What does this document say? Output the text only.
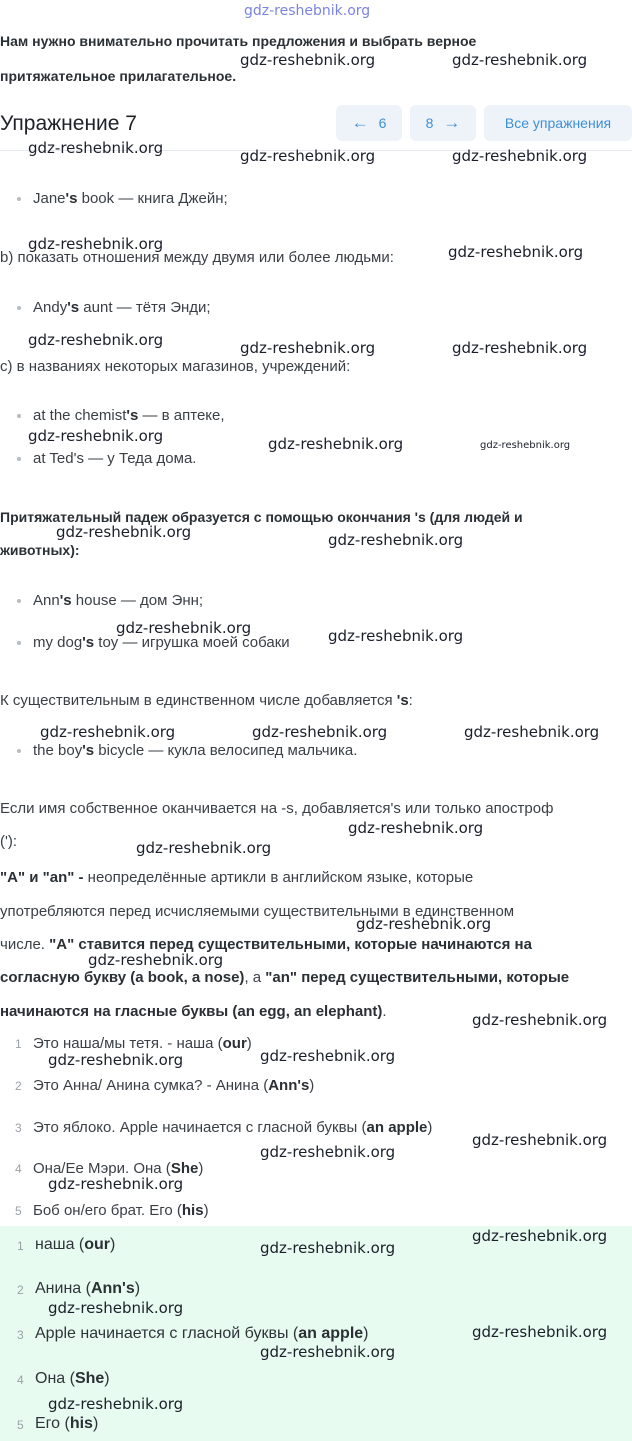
gdz-reshebnik.org
Нам нужно внимательно прочитать предложения и выбрать верное
притяжательное прилагательное.
Упражнение 7	← 6	8 →	Все упражнения
Jane's book — книга Джейн;
b) показать отношения между двумя или более людьми:
Andy's aunt — тётя Энди;
c) в названиях некоторых магазинов, учреждений:
at the chemist's — в аптеке,
at Ted's — у Теда дома.
Притяжательный падеж образуется с помощью окончания 's (для людей и
животных):
Ann's house — дом Энн;
my dog's toy — игрушка моей собаки
К существительным в единственном числе добавляется 's:
the boy's bicycle — кукла велосипед мальчика.
Если имя собственное оканчивается на -s, добавляется's или только апостроф
('):
"A" и "an" - неопределённые артикли в английском языке, которые
употребляются перед исчисляемыми существительными в единственном
числе. "A" ставится перед существительными, которые начинаются на
согласную букву (a book, a nose), а "an" перед существительными, которые
начинаются на гласные буквы (an egg, an elephant).
1 Это наша/мы тетя. - наша (our)
2 Это Анна/ Анина сумка? - Анина (Ann's)
3 Это яблоко. Apple начинается с гласной буквы (an apple)
4 Она/Ее Мэри. Она (She)
5 Боб он/его брат. Его (his)
1 наша (our)
2 Анина (Ann's)
3 Apple начинается с гласной буквы (an apple)
4 Она (She)
5 Его (his)
gdz-reshebnik.org	gdz-reshebnik.org
gdz-reshebnik.org	gdz-reshebnik.org	gdz-reshebnik.org
gdz-reshebnik.org	gdz-reshebnik.org
gdz-reshebnik.org	gdz-reshebnik.org	gdz-reshebnik.org
gdz-reshebnik.org	gdz-reshebnik.org	gdz-reshebnik.org
gdz-reshebnik.org	gdz-reshebnik.org
gdz-reshebnik.org	gdz-reshebnik.org
gdz-reshebnik.org	gdz-reshebnik.org	gdz-reshebnik.org
gdz-reshebnik.org
gdz-reshebnik.org
gdz-reshebnik.org
gdz-reshebnik.org
gdz-reshebnik.org
gdz-reshebnik.org
gdz-reshebnik.org
gdz-reshebnik.org
gdz-reshebnik.org
gdz-reshebnik.org
gdz-reshebnik.org
gdz-reshebnik.org
gdz-reshebnik.org
gdz-reshebnik.org
gdz-reshebnik.org
gdz-reshebnik.org
